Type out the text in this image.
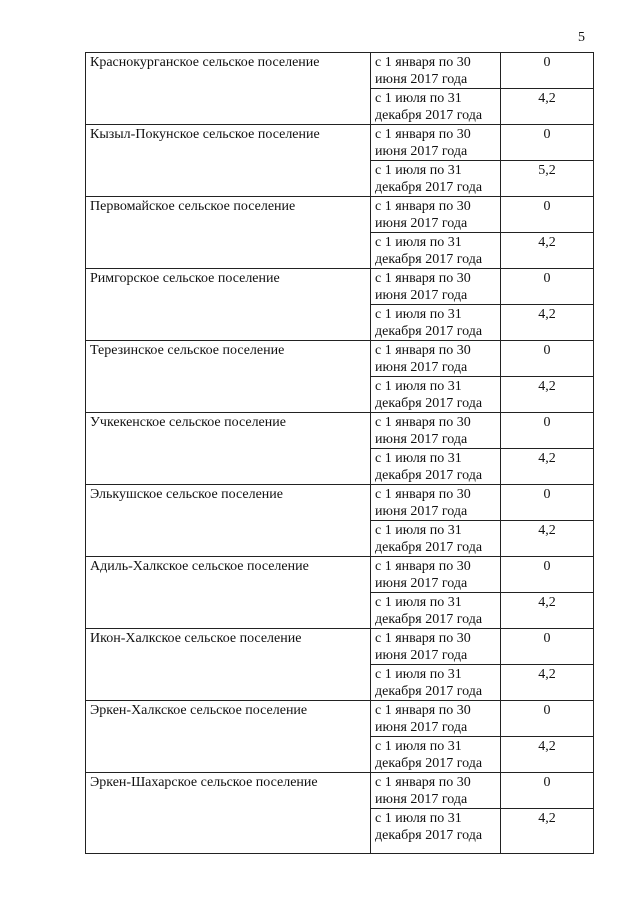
5
Краснокурганское сельское поселение	с 1 января по 30 июня 2017 года	0
	с 1 июля по 31 декабря 2017 года	4,2
Кызыл-Покунское сельское поселение	с 1 января по 30 июня 2017 года	0
	с 1 июля по 31 декабря 2017 года	5,2
Первомайское сельское поселение	с 1 января по 30 июня 2017 года	0
	с 1 июля по 31 декабря 2017 года	4,2
Римгорское сельское поселение	с 1 января по 30 июня 2017 года	0
	с 1 июля по 31 декабря 2017 года	4,2
Терезинское сельское поселение	с 1 января по 30 июня 2017 года	0
	с 1 июля по 31 декабря 2017 года	4,2
Учкекенское сельское поселение	с 1 января по 30 июня 2017 года	0
	с 1 июля по 31 декабря 2017 года	4,2
Элькушское сельское поселение	с 1 января по 30 июня 2017 года	0
	с 1 июля по 31 декабря 2017 года	4,2
Адиль-Халкское сельское поселение	с 1 января по 30 июня 2017 года	0
	с 1 июля по 31 декабря 2017 года	4,2
Икон-Халкское сельское поселение	с 1 января по 30 июня 2017 года	0
	с 1 июля по 31 декабря 2017 года	4,2
Эркен-Халкское сельское поселение	с 1 января по 30 июня 2017 года	0
	с 1 июля по 31 декабря 2017 года	4,2
Эркен-Шахарское сельское поселение	с 1 января по 30 июня 2017 года	0
	с 1 июля по 31 декабря 2017 года	4,2
